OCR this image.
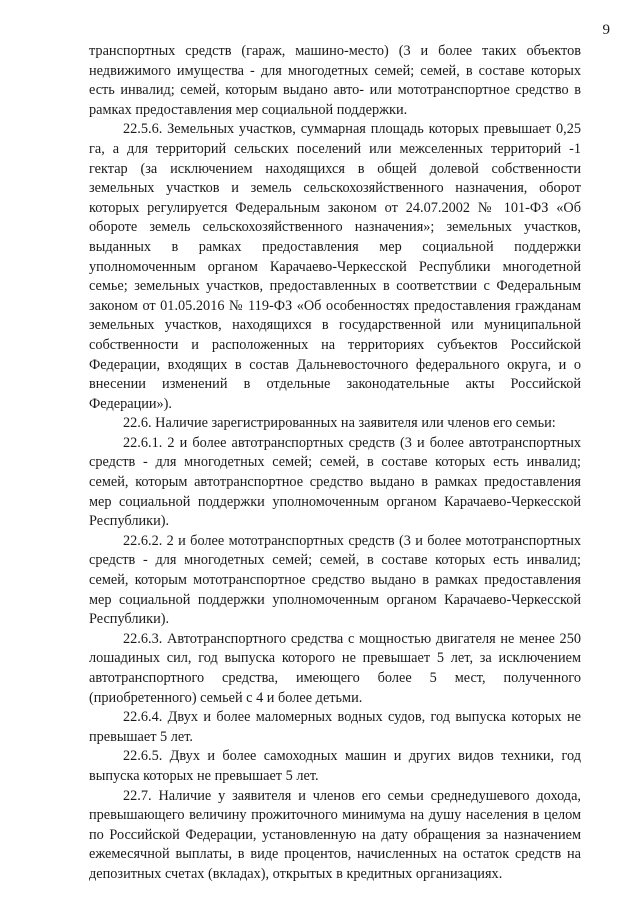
9

транспортных средств (гараж, машино-место) (3 и более таких объектов недвижимого имущества - для многодетных семей; семей, в составе которых есть инвалид; семей, которым выдано авто- или мототранспортное средство в рамках предоставления мер социальной поддержки.

22.5.6. Земельных участков, суммарная площадь которых превышает 0,25 га, а для территорий сельских поселений или межселенных территорий -1 гектар (за исключением находящихся в общей долевой собственности земельных участков и земель сельскохозяйственного назначения, оборот которых регулируется Федеральным законом от 24.07.2002 № 101-ФЗ «Об обороте земель сельскохозяйственного назначения»; земельных участков, выданных в рамках предоставления мер социальной поддержки уполномоченным органом Карачаево-Черкесской Республики многодетной семье; земельных участков, предоставленных в соответствии с Федеральным законом от 01.05.2016 № 119-ФЗ «Об особенностях предоставления гражданам земельных участков, находящихся в государственной или муниципальной собственности и расположенных на территориях субъектов Российской Федерации, входящих в состав Дальневосточного федерального округа, и о внесении изменений в отдельные законодательные акты Российской Федерации»).

22.6. Наличие зарегистрированных на заявителя или членов его семьи:

22.6.1. 2 и более автотранспортных средств (3 и более автотранспортных средств - для многодетных семей; семей, в составе которых есть инвалид; семей, которым автотранспортное средство выдано в рамках предоставления мер социальной поддержки уполномоченным органом Карачаево-Черкесской Республики).

22.6.2. 2 и более мототранспортных средств (3 и более мототранспортных средств - для многодетных семей; семей, в составе которых есть инвалид; семей, которым мототранспортное средство выдано в рамках предоставления мер социальной поддержки уполномоченным органом Карачаево-Черкесской Республики).

22.6.3. Автотранспортного средства с мощностью двигателя не менее 250 лошадиных сил, год выпуска которого не превышает 5 лет, за исключением автотранспортного средства, имеющего более 5 мест, полученного (приобретенного) семьей с 4 и более детьми.

22.6.4. Двух и более маломерных водных судов, год выпуска которых не превышает 5 лет.

22.6.5. Двух и более самоходных машин и других видов техники, год выпуска которых не превышает 5 лет.

22.7. Наличие у заявителя и членов его семьи среднедушевого дохода, превышающего величину прожиточного минимума на душу населения в целом по Российской Федерации, установленную на дату обращения за назначением ежемесячной выплаты, в виде процентов, начисленных на остаток средств на депозитных счетах (вкладах), открытых в кредитных организациях.
